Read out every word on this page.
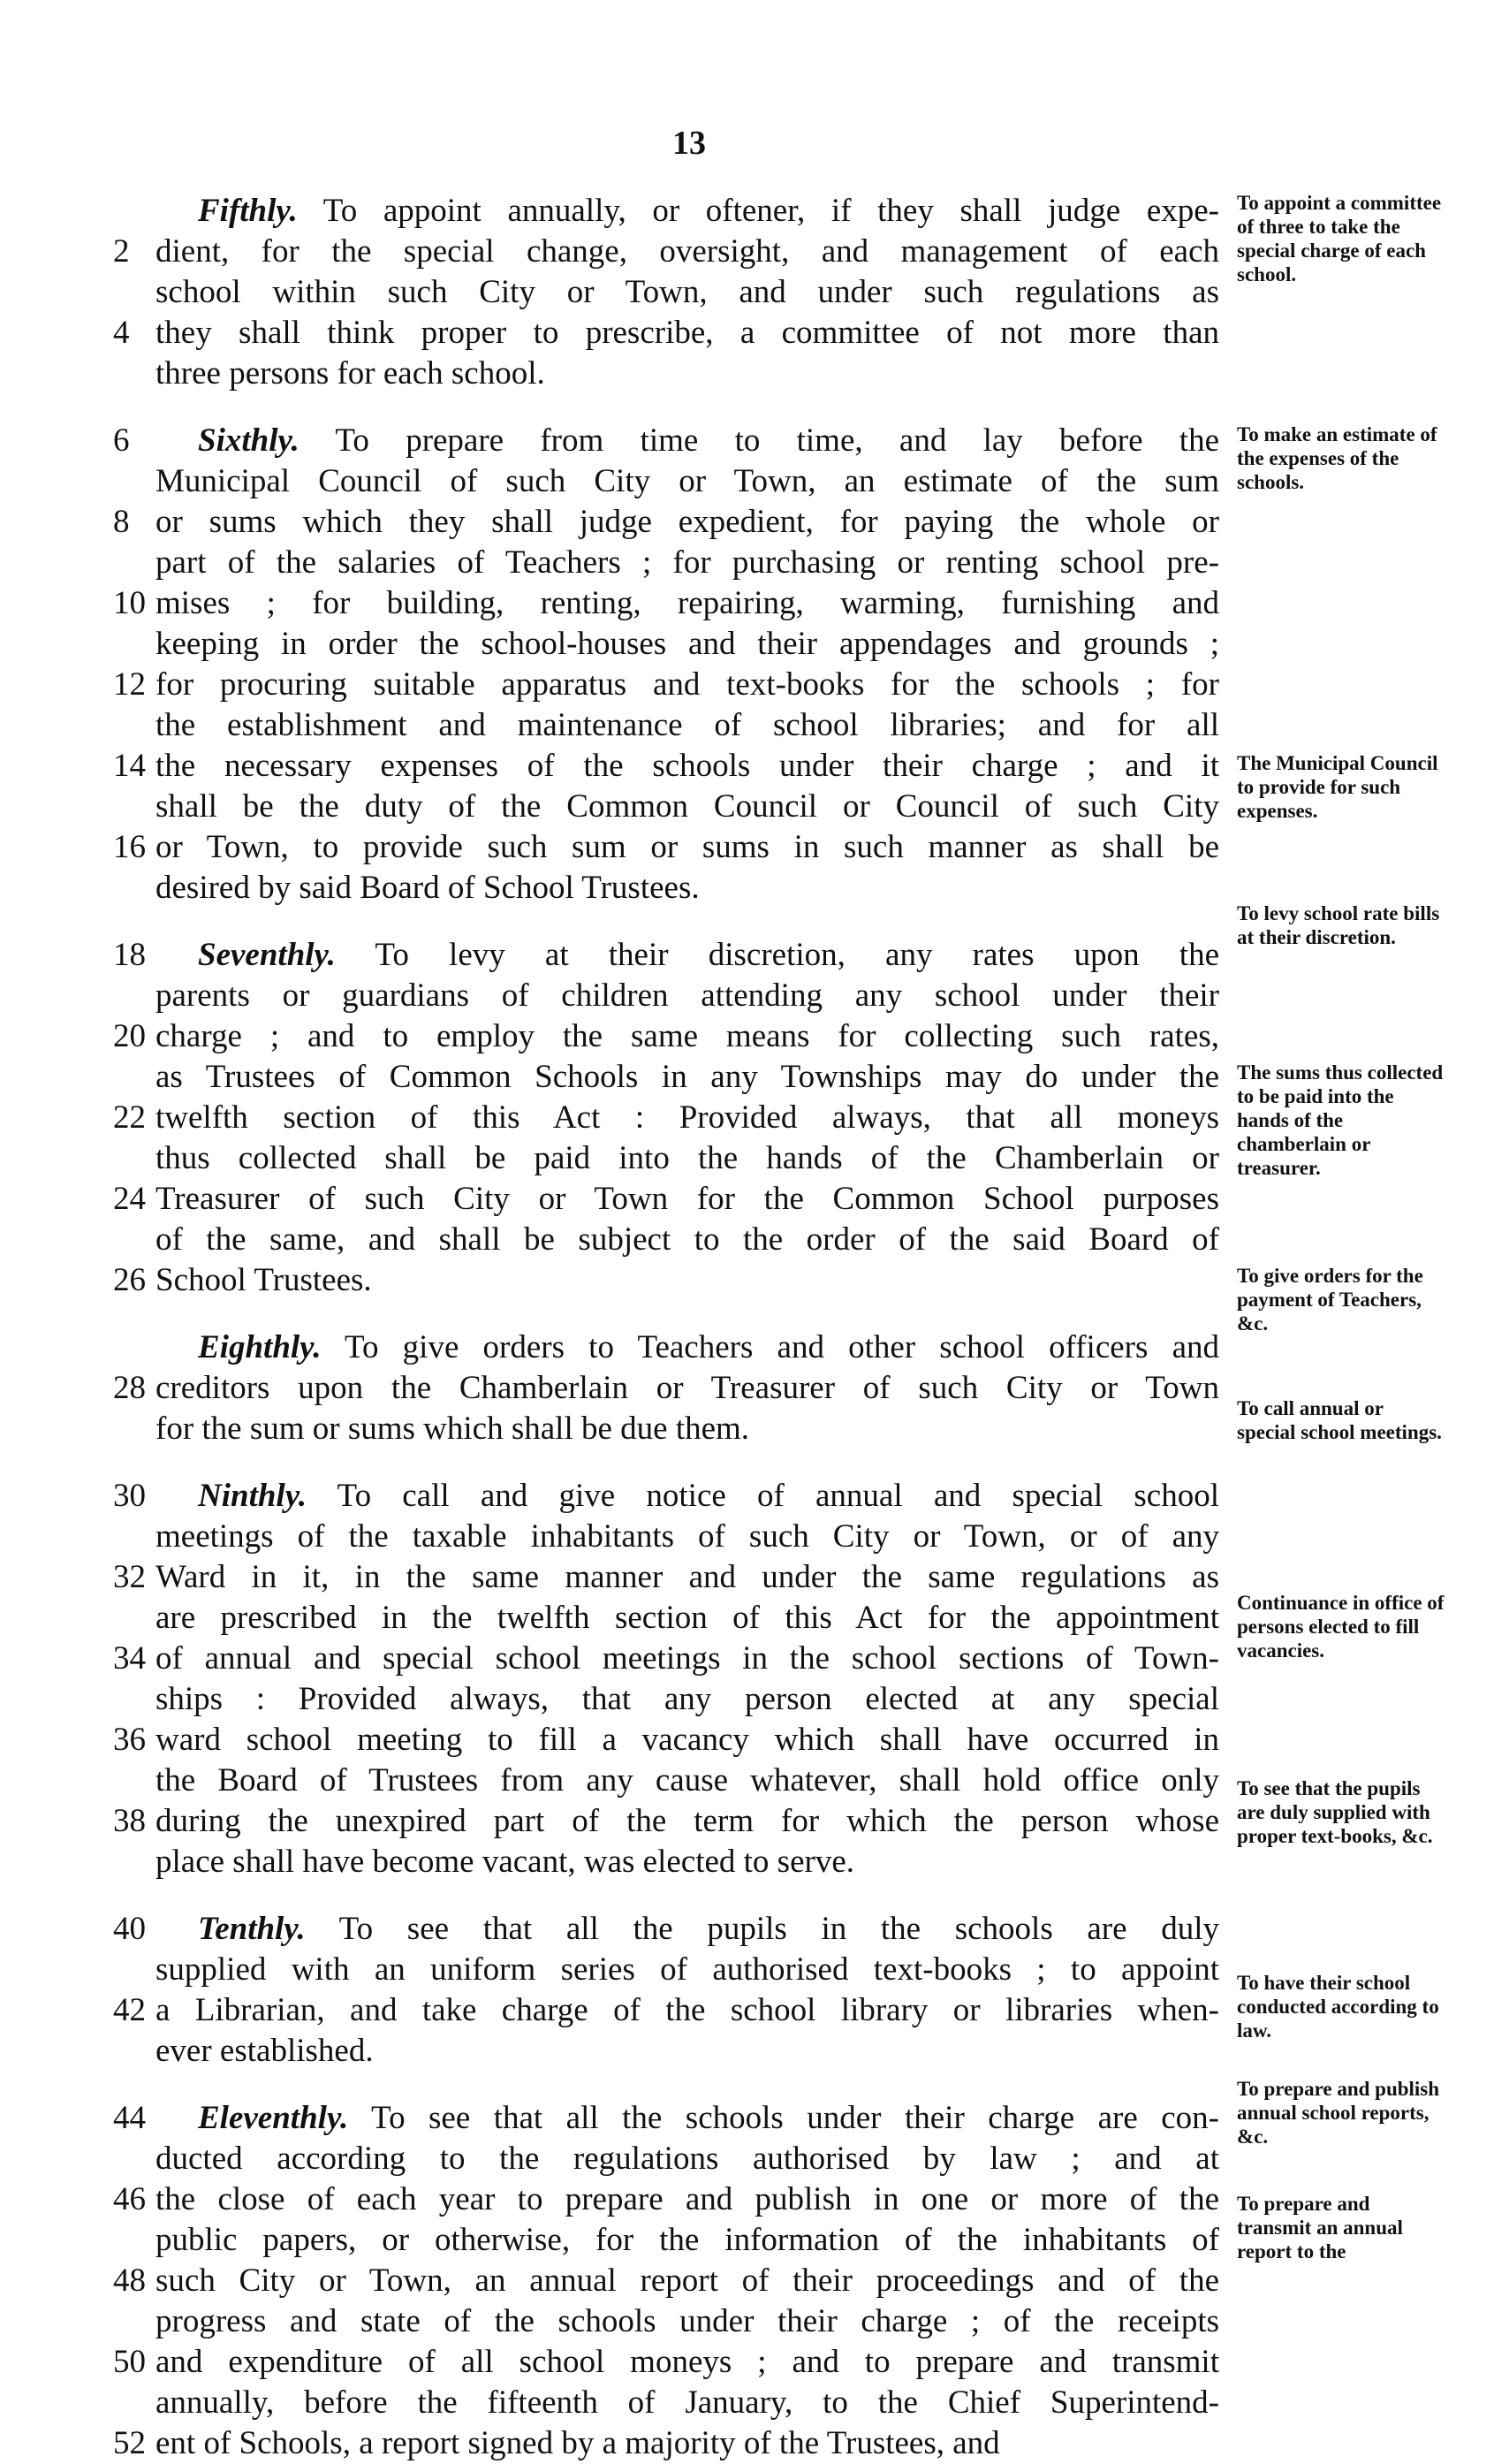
13
Fifthly. To appoint annually, or oftener, if they shall judge expe-
2 dient, for the special change, oversight, and management of each
school within such City or Town, and under such regulations as
4 they shall think proper to prescribe, a committee of not more than
three persons for each school.
6	Sixthly. To prepare from time to time, and lay before the
Municipal Council of such City or Town, an estimate of the sum
8 or sums which they shall judge expedient, for paying the whole or
part of the salaries of Teachers ; for purchasing or renting school pre-
10 mises ; for building, renting, repairing, warming, furnishing and
keeping in order the school-houses and their appendages and grounds ;
12 for procuring suitable apparatus and text-books for the schools ; for
the establishment and maintenance of school libraries; and for all
14 the necessary expenses of the schools under their charge ; and it
shall be the duty of the Common Council or Council of such City
16 or Town, to provide such sum or sums in such manner as shall be
desired by said Board of School Trustees.
18 Seventhly. To levy at their discretion, any rates upon the
parents or guardians of children attending any school under their
20 charge ; and to employ the same means for collecting such rates,
as Trustees of Common Schools in any Townships may do under the
22 twelfth section of this Act : Provided always, that all moneys
thus collected shall be paid into the hands of the Chamberlain or
24 Treasurer of such City or Town for the Common School purposes
of the same, and shall be subject to the order of the said Board of
26 School Trustees.
Eighthly. To give orders to Teachers and other school officers and
28 creditors upon the Chamberlain or Treasurer of such City or Town
for the sum or sums which shall be due them.
30 Ninthly. To call and give notice of annual and special school
meetings of the taxable inhabitants of such City or Town, or of any
32 Ward in it, in the same manner and under the same regulations as
are prescribed in the twelfth section of this Act for the appointment
34 of annual and special school meetings in the school sections of Town-
ships : Provided always, that any person elected at any special
36 ward school meeting to fill a vacancy which shall have occurred in
the Board of Trustees from any cause whatever, shall hold office only
38 during the unexpired part of the term for which the person whose
place shall have become vacant, was elected to serve.
40 Tenthly. To see that all the pupils in the schools are duly
supplied with an uniform series of authorised text-books ; to appoint
42 a Librarian, and take charge of the school library or libraries when-
ever established.
44 Eleventhly. To see that all the schools under their charge are con-
ducted according to the regulations authorised by law ; and at
46 the close of each year to prepare and publish in one or more of the
public papers, or otherwise, for the information of the inhabitants of
48 such City or Town, an annual report of their proceedings and of the
progress and state of the schools under their charge ; of the receipts
50 and expenditure of all school moneys ; and to prepare and transmit
annually, before the fifteenth of January, to the Chief Superintend-
52 ent of Schools, a report signed by a majority of the Trustees, and
To appoint a committee of three to take the special charge of each school.
To make an estimate of the expenses of the schools.
The Municipal Council to provide for such expenses.
To levy school rate bills at their discretion.
The sums thus collected to be paid into the hands of the chamberlain or treasurer.
To give orders for the payment of Teachers, &c.
To call annual or special school meetings.
Continuance in office of persons elected to fill vacancies.
To see that the pupils are duly supplied with proper text-books, &c.
To have their school conducted according to law.
To prepare and publish annual school reports, &c.
To prepare and transmit an annual report to the
